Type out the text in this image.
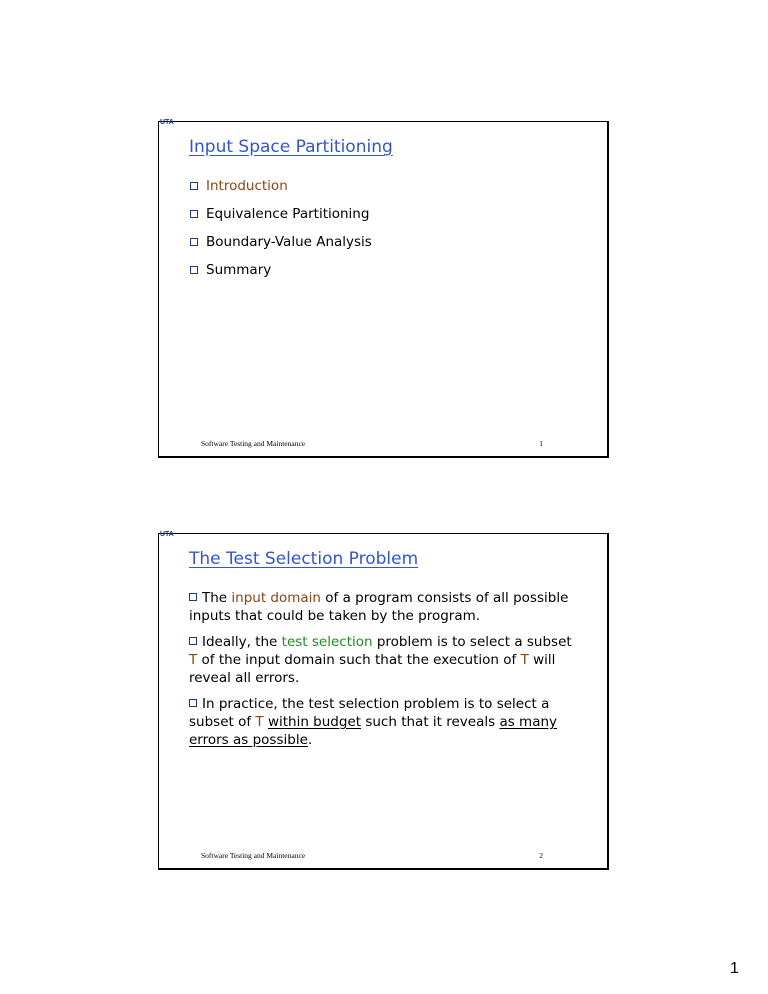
UTA
Input Space Partitioning
Introduction
Equivalence Partitioning
Boundary-Value Analysis
Summary
Software Testing and Maintenance	1
UTA
The Test Selection Problem
The input domain of a program consists of all possible inputs that could be taken by the program.
Ideally, the test selection problem is to select a subset T of the input domain such that the execution of T will reveal all errors.
In practice, the test selection problem is to select a subset of T within budget such that it reveals as many errors as possible.
Software Testing and Maintenance	2
1
